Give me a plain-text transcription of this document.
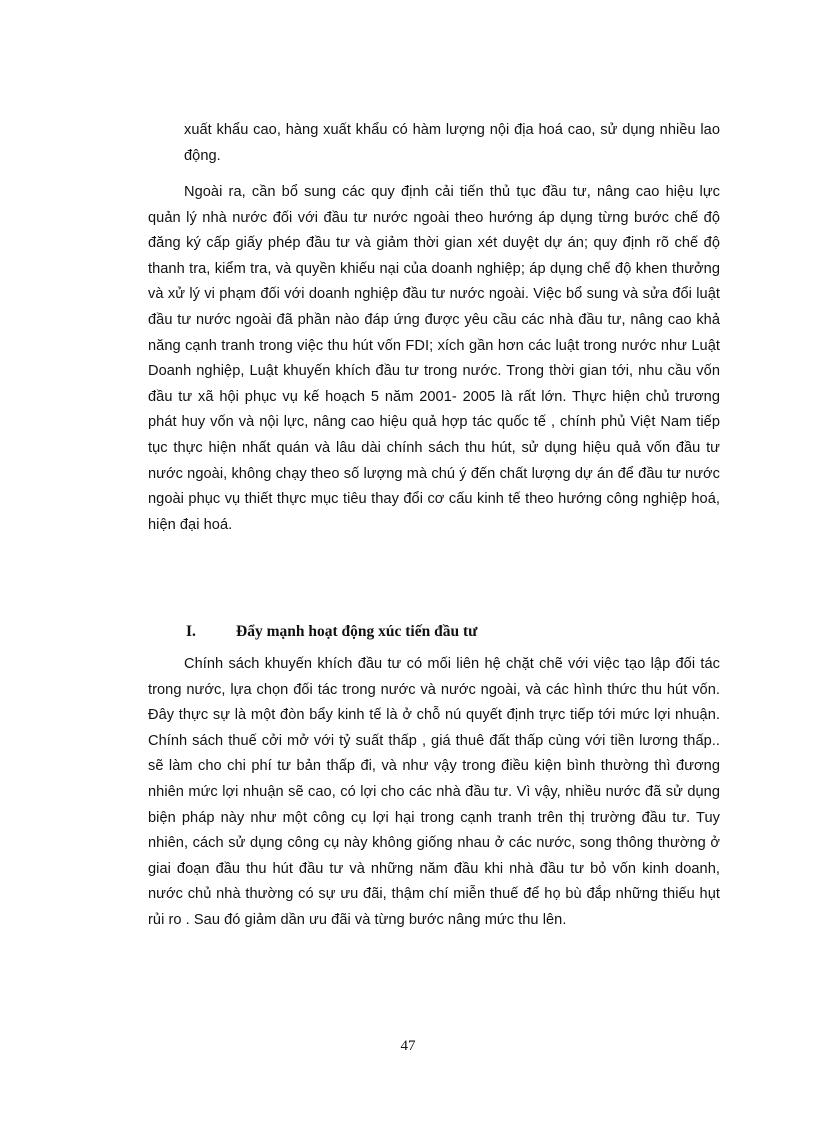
xuất khẩu cao, hàng xuất khẩu có hàm lượng nội địa hoá cao, sử dụng nhiều lao động.

Ngoài ra, cần bổ sung các quy định cải tiến thủ tục đầu tư, nâng cao hiệu lực quản lý nhà nước đối với đầu tư nước ngoài theo hướng áp dụng từng bước chế độ đăng ký cấp giấy phép đầu tư và giảm thời gian xét duyệt dự án; quy định rõ chế độ thanh tra, kiểm tra, và quyền khiếu nại của doanh nghiệp; áp dụng chế độ khen thưởng và xử lý vi phạm đối với doanh nghiệp đầu tư nước ngoài. Việc bổ sung và sửa đổi luật đầu tư nước ngoài đã phần nào đáp ứng được yêu cầu các nhà đầu tư, nâng cao khả năng cạnh tranh trong việc thu hút vốn FDI; xích gần hơn các luật trong nước như Luật Doanh nghiệp, Luật khuyến khích đầu tư trong nước. Trong thời gian tới, nhu cầu vốn đầu tư xã hội phục vụ kế hoạch 5 năm 2001- 2005 là rất lớn. Thực hiện chủ trương phát huy vốn và nội lực, nâng cao hiệu quả hợp tác quốc tế , chính phủ Việt Nam tiếp tục thực hiện nhất quán và lâu dài chính sách thu hút, sử dụng hiệu quả vốn đầu tư nước ngoài, không chạy theo số lượng mà chú ý đến chất lượng dự án để đầu tư nước ngoài phục vụ thiết thực mục tiêu thay đổi cơ cấu kinh tế theo hướng công nghiệp hoá, hiện đại hoá.

I.	Đẩy mạnh hoạt động xúc tiến đầu tư

Chính sách khuyến khích đầu tư có mối liên hệ chặt chẽ với việc tạo lập đối tác trong nước, lựa chọn đối tác trong nước và nước ngoài, và các hình thức thu hút vốn. Đây thực sự là một đòn bẩy kinh tế là ở chỗ nú quyết định trực tiếp tới mức lợi nhuận. Chính sách thuế cởi mở với tỷ suất thấp , giá thuê đất thấp cùng với tiền lương thấp.. sẽ làm cho chi phí tư bản thấp đi, và như vậy trong điều kiện bình thường thì đương nhiên mức lợi nhuận sẽ cao, có lợi cho các nhà đầu tư. Vì vậy, nhiều nước đã sử dụng biện pháp này như một công cụ lợi hại trong cạnh tranh trên thị trường đầu tư. Tuy nhiên, cách sử dụng công cụ này không giống nhau ở các nước, song thông thường ở giai đoạn đầu thu hút đầu tư và những năm đầu khi nhà đầu tư bỏ vốn kinh doanh, nước chủ nhà thường có sự ưu đãi, thậm chí miễn thuế để họ bù đắp những thiếu hụt rủi ro . Sau đó giảm dần ưu đãi và từng bước nâng mức thu lên.

47
